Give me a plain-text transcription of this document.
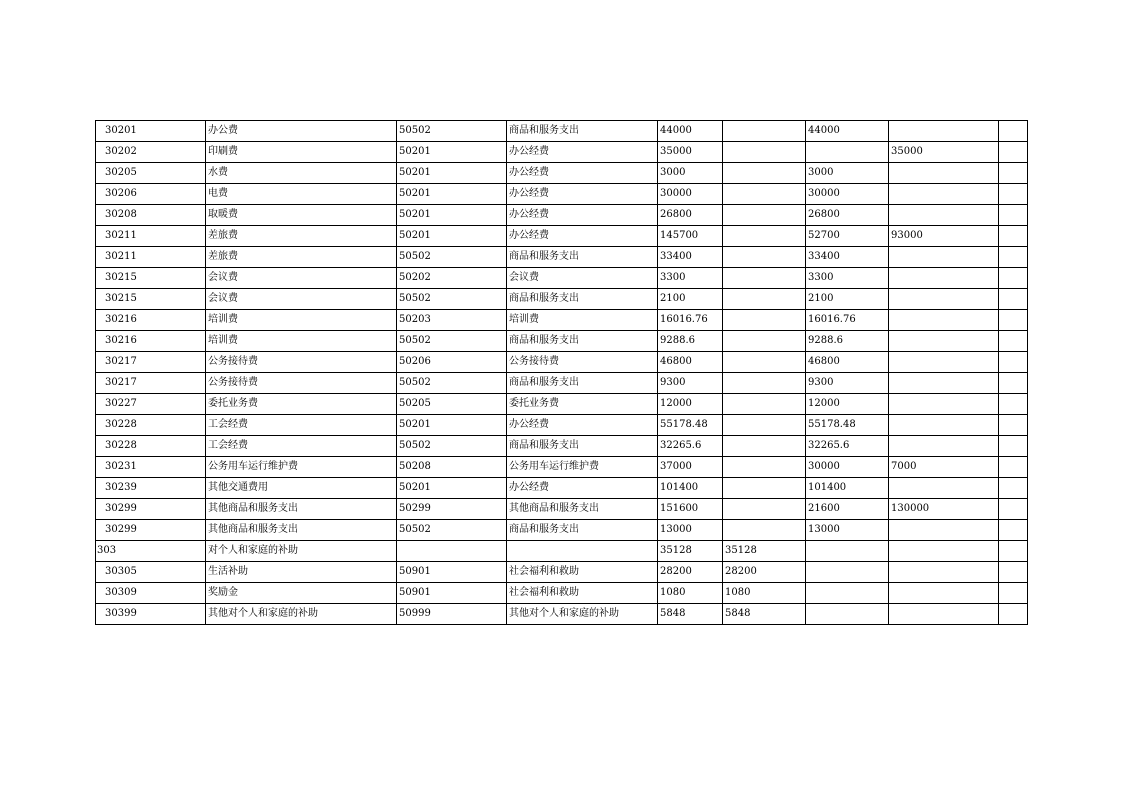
30201	办公费	50502	商品和服务支出	44000		44000		
30202	印刷费	50201	办公经费	35000			35000	
30205	水费	50201	办公经费	3000		3000		
30206	电费	50201	办公经费	30000		30000		
30208	取暖费	50201	办公经费	26800		26800		
30211	差旅费	50201	办公经费	145700		52700	93000	
30211	差旅费	50502	商品和服务支出	33400		33400		
30215	会议费	50202	会议费	3300		3300		
30215	会议费	50502	商品和服务支出	2100		2100		
30216	培训费	50203	培训费	16016.76		16016.76		
30216	培训费	50502	商品和服务支出	9288.6		9288.6		
30217	公务接待费	50206	公务接待费	46800		46800		
30217	公务接待费	50502	商品和服务支出	9300		9300		
30227	委托业务费	50205	委托业务费	12000		12000		
30228	工会经费	50201	办公经费	55178.48		55178.48		
30228	工会经费	50502	商品和服务支出	32265.6		32265.6		
30231	公务用车运行维护费	50208	公务用车运行维护费	37000		30000	7000	
30239	其他交通费用	50201	办公经费	101400		101400		
30299	其他商品和服务支出	50299	其他商品和服务支出	151600		21600	130000	
30299	其他商品和服务支出	50502	商品和服务支出	13000		13000		
303	对个人和家庭的补助			35128	35128			
30305	生活补助	50901	社会福利和救助	28200	28200			
30309	奖励金	50901	社会福利和救助	1080	1080			
30399	其他对个人和家庭的补助	50999	其他对个人和家庭的补助	5848	5848			
